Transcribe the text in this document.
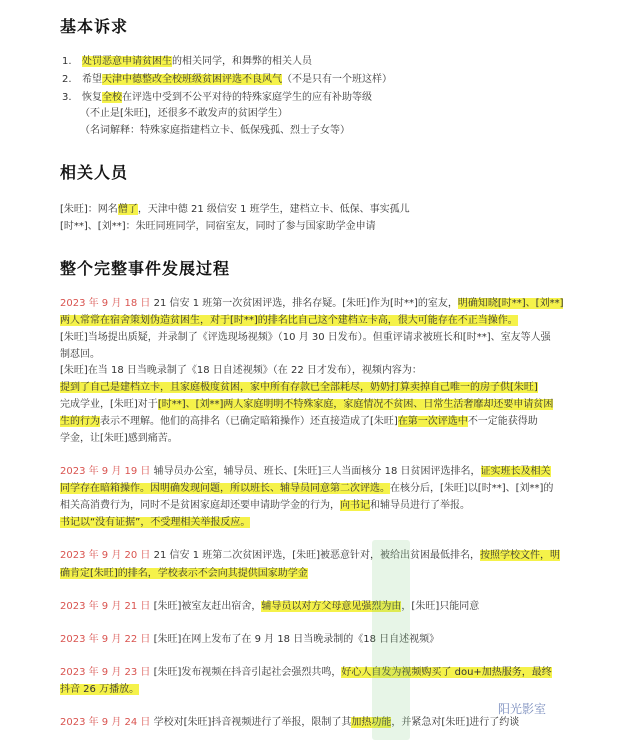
基本诉求
1. 处罚恶意申请贫困生的相关同学，和舞弊的相关人员
2. 希望天津中德整改全校班级贫困评选不良风气（不是只有一个班这样）
3. 恢复全校在评选中受到不公平对待的特殊家庭学生的应有补助等级
（不止是[朱旺]，还很多不敢发声的贫困学生）
（名词解释：特殊家庭指建档立卡、低保残孤、烈士子女等）
相关人员
[朱旺]：网名僧了，天津中德 21 级信安 1 班学生，建档立卡、低保、事实孤儿
[时**]、[刘**]：朱旺同班同学，同宿室友，同时了参与国家助学金申请
整个完整事件发展过程
2023 年 9 月 18 日 21 信安 1 班第一次贫困评选，排名存疑。[朱旺]作为[时**]的室友，明确知晓[时**]、[刘**]
两人常常在宿舍策划伪造贫困生，对于[时**]的排名比自己这个建档立卡高，很大可能存在不正当操作。
[朱旺]当场提出质疑，并录制了《评选现场视频》（10 月 30 日发布）。但重评请求被班长和[时**]、室友等人强
制怼回。
[朱旺]在当 18 日当晚录制了《18 日自述视频》（在 22 日才发布），视频内容为：
提到了自己是建档立卡，且家庭极度贫困，家中所有存款已全部耗尽，奶奶打算卖掉自己唯一的房子供[朱旺]
完成学业，[朱旺]对于[时**]、[刘**]两人家庭明明不特殊家庭，家庭情况不贫困、日常生活奢靡却还要申请贫困
生的行为表示不理解。他们的高排名（已确定暗箱操作）还直接造成了[朱旺]在第一次评选中不一定能获得助
学金，让[朱旺]感到痛苦。
2023 年 9 月 19 日 辅导员办公室，辅导员、班长、[朱旺]三人当面核分 18 日贫困评选排名，证实班长及相关
同学存在暗箱操作。因明确发现问题，所以班长、辅导员同意第二次评选。在核分后，[朱旺]以[时**]、[刘**]的
相关高消费行为，同时不是贫困家庭却还要申请助学金的行为，向书记和辅导员进行了举报。
书记以“没有证据”，不受理相关举报反应。
2023 年 9 月 20 日 21 信安 1 班第二次贫困评选，[朱旺]被恶意针对，被给出贫困最低排名，按照学校文件，明
确肯定[朱旺]的排名，学校表示不会向其提供国家助学金
2023 年 9 月 21 日 [朱旺]被室友赶出宿舍，辅导员以对方父母意见强烈为由，[朱旺]只能同意
2023 年 9 月 22 日 [朱旺]在网上发布了在 9 月 18 日当晚录制的《18 日自述视频》
2023 年 9 月 23 日 [朱旺]发布视频在抖音引起社会强烈共鸣，好心人自发为视频购买了 dou+加热服务，最终
抖音 26 万播放。
2023 年 9 月 24 日 学校对[朱旺]抖音视频进行了举报，限制了其加热功能，并紧急对[朱旺]进行了约谈
阳光影室
